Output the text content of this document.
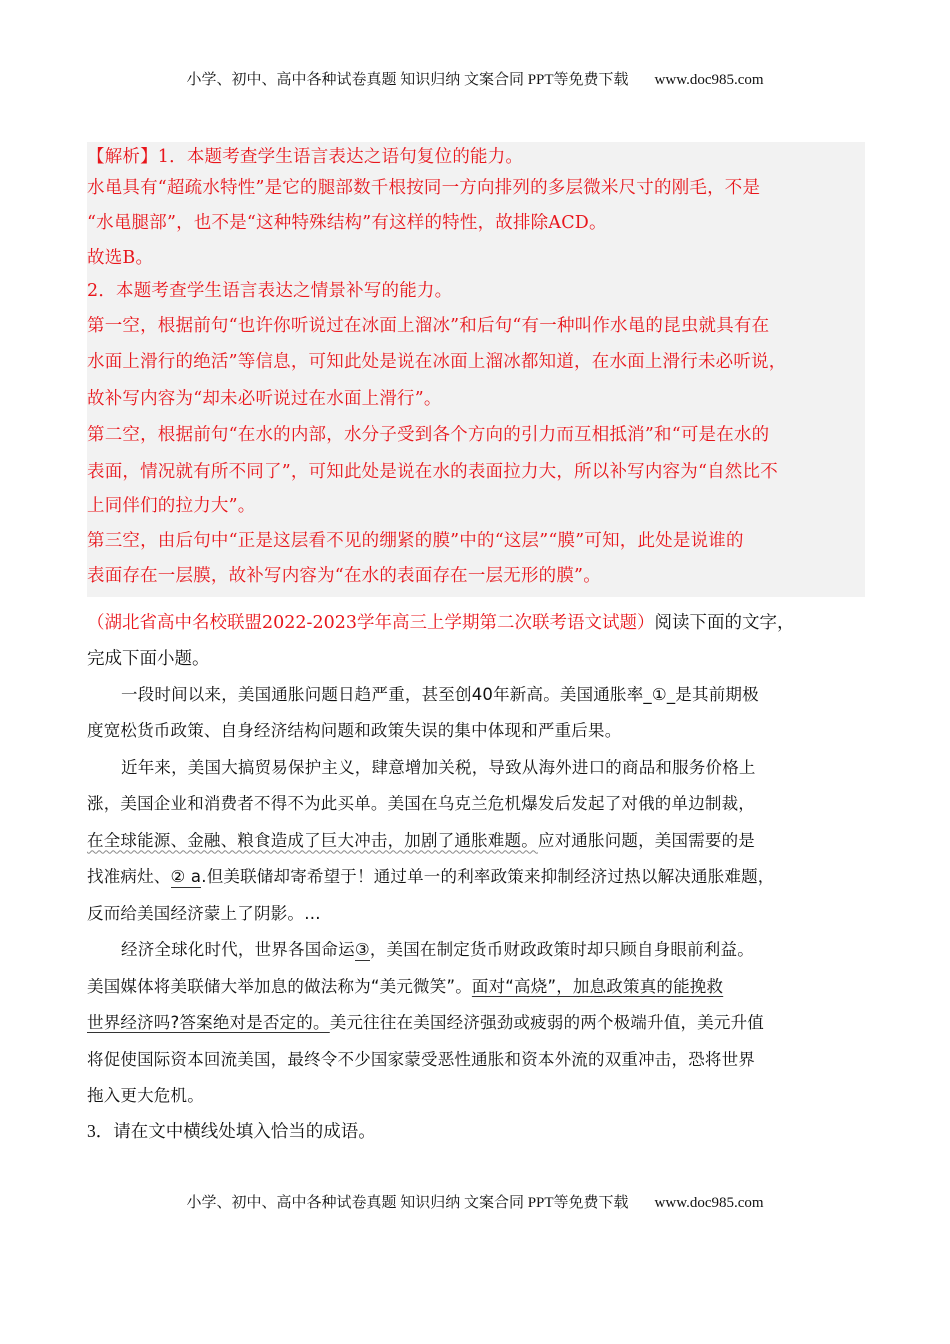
小学、初中、高中各种试卷真题 知识归纳 文案合同 PPT等免费下载 www.doc985.com
【解析】1．本题考查学生语言表达之语句复位的能力。
水黾具有“超疏水特性”是它的腿部数千根按同一方向排列的多层微米尺寸的刚毛，不是
“水黾腿部”，也不是“这种特殊结构”有这样的特性，故排除ACD。
故选B。
2．本题考查学生语言表达之情景补写的能力。
第一空，根据前句“也许你听说过在冰面上溜冰”和后句“有一种叫作水黾的昆虫就具有在
水面上滑行的绝活”等信息，可知此处是说在冰面上溜冰都知道，在水面上滑行未必听说，
故补写内容为“却未必听说过在水面上滑行”。
第二空，根据前句“在水的内部，水分子受到各个方向的引力而互相抵消”和“可是在水的
表面，情况就有所不同了”，可知此处是说在水的表面拉力大，所以补写内容为“自然比不
上同伴们的拉力大”。
第三空，由后句中“正是这层看不见的绷紧的膜”中的“这层”“膜”可知，此处是说谁的
表面存在一层膜，故补写内容为“在水的表面存在一层无形的膜”。
（湖北省高中名校联盟2022-2023学年高三上学期第二次联考语文试题）阅读下面的文字，
完成下面小题。
一段时间以来，美国通胀问题日趋严重，甚至创40年新高。美国通胀率_①_是其前期极
度宽松货币政策、自身经济结构问题和政策失误的集中体现和严重后果。
近年来，美国大搞贸易保护主义，肆意增加关税，导致从海外进口的商品和服务价格上
涨，美国企业和消费者不得不为此买单。美国在乌克兰危机爆发后发起了对俄的单边制裁，
在全球能源、金融、粮食造成了巨大冲击，加剧了通胀难题。应对通胀问题，美国需要的是
找准病灶、② a.但美联储却寄希望于！通过单一的利率政策来抑制经济过热以解决通胀难题，
反而给美国经济蒙上了阴影。…
经济全球化时代，世界各国命运③，美国在制定货币财政政策时却只顾自身眼前利益。
美国媒体将美联储大举加息的做法称为“美元微笑”。面对“高烧”，加息政策真的能挽救
世界经济吗?答案绝对是否定的。美元往往在美国经济强劲或疲弱的两个极端升值，美元升值
将促使国际资本回流美国，最终令不少国家蒙受恶性通胀和资本外流的双重冲击，恐将世界
拖入更大危机。
3．请在文中横线处填入恰当的成语。
小学、初中、高中各种试卷真题 知识归纳 文案合同 PPT等免费下载 www.doc985.com
